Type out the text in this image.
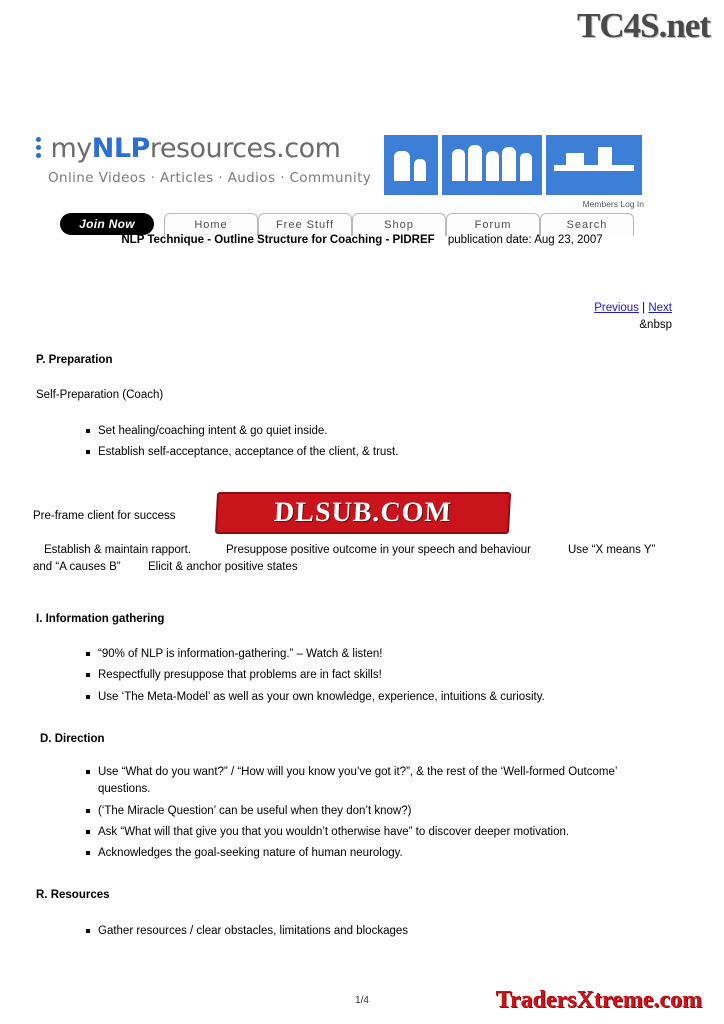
TC4S.net
myNLPresources.com
Online Videos · Articles · Audios · Community
Members Log In
Join Now	Home	Free Stuff	Shop	Forum	Search
NLP Technique - Outline Structure for Coaching - PIDREF publication date: Aug 23, 2007
Previous | Next
&nbsp
P. Preparation
Self-Preparation (Coach)
Set healing/coaching intent & go quiet inside.
Establish self-acceptance, acceptance of the client, & trust.
Pre-frame client for success
Establish & maintain rapport.	Presuppose positive outcome in your speech and behaviour	Use “X means Y”
and “A causes B” Elicit & anchor positive states
I. Information gathering
“90% of NLP is information-gathering.” – Watch & listen!
Respectfully presuppose that problems are in fact skills!
Use ‘The Meta-Model’ as well as your own knowledge, experience, intuitions & curiosity.
D. Direction
Use “What do you want?” / “How will you know you’ve got it?”, & the rest of the ‘Well-formed Outcome’ questions.
(‘The Miracle Question’ can be useful when they don’t know?)
Ask “What will that give you that you wouldn’t otherwise have” to discover deeper motivation.
Acknowledges the goal-seeking nature of human neurology.
R. Resources
Gather resources / clear obstacles, limitations and blockages
DLSUB.COM
1/4	TradersXtreme.com
